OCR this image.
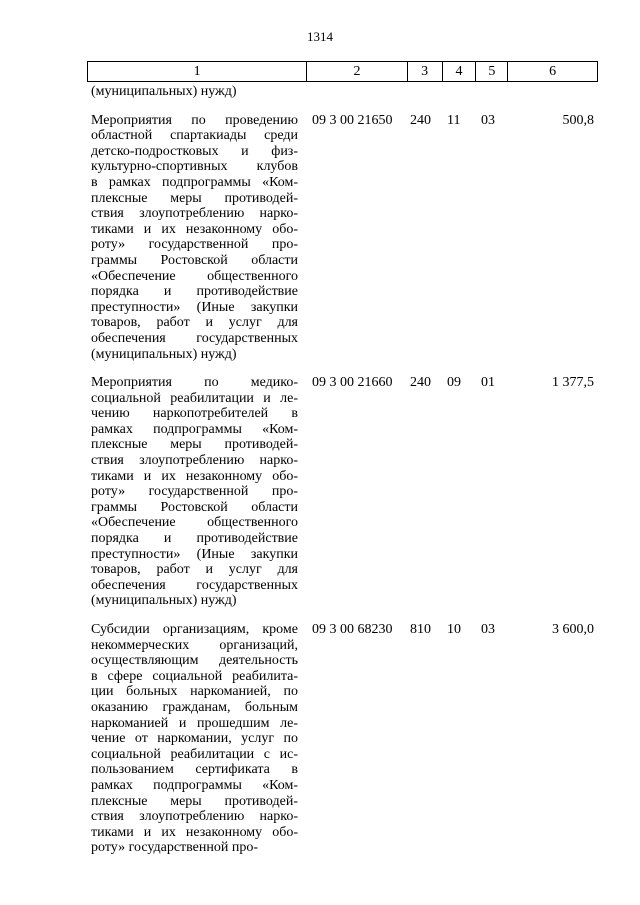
1314
1	2	3	4	5	6
(муниципальных) нужд)
Мероприятия по проведению
областной спартакиады среди
детско-подростковых и физ-
культурно-спортивных клубов
в рамках подпрограммы «Ком-
плексные меры противодей-
ствия злоупотреблению нарко-
тиками и их незаконному обо-
роту» государственной про-
граммы Ростовской области
«Обеспечение общественного
порядка и противодействие
преступности» (Иные закупки
товаров, работ и услуг для
обеспечения государственных
(муниципальных) нужд)
09 3 00 21650 240 11 03	500,8
Мероприятия по медико-
социальной реабилитации и ле-
чению наркопотребителей в
рамках подпрограммы «Ком-
плексные меры противодей-
ствия злоупотреблению нарко-
тиками и их незаконному обо-
роту» государственной про-
граммы Ростовской области
«Обеспечение общественного
порядка и противодействие
преступности» (Иные закупки
товаров, работ и услуг для
обеспечения государственных
(муниципальных) нужд)
09 3 00 21660 240 09 01	1 377,5
Субсидии организациям, кроме
некоммерческих организаций,
осуществляющим деятельность
в сфере социальной реабилита-
ции больных наркоманией, по
оказанию гражданам, больным
наркоманией и прошедшим ле-
чение от наркомании, услуг по
социальной реабилитации с ис-
пользованием сертификата в
рамках подпрограммы «Ком-
плексные меры противодей-
ствия злоупотреблению нарко-
тиками и их незаконному обо-
роту» государственной про-
09 3 00 68230 810 10 03	3 600,0
